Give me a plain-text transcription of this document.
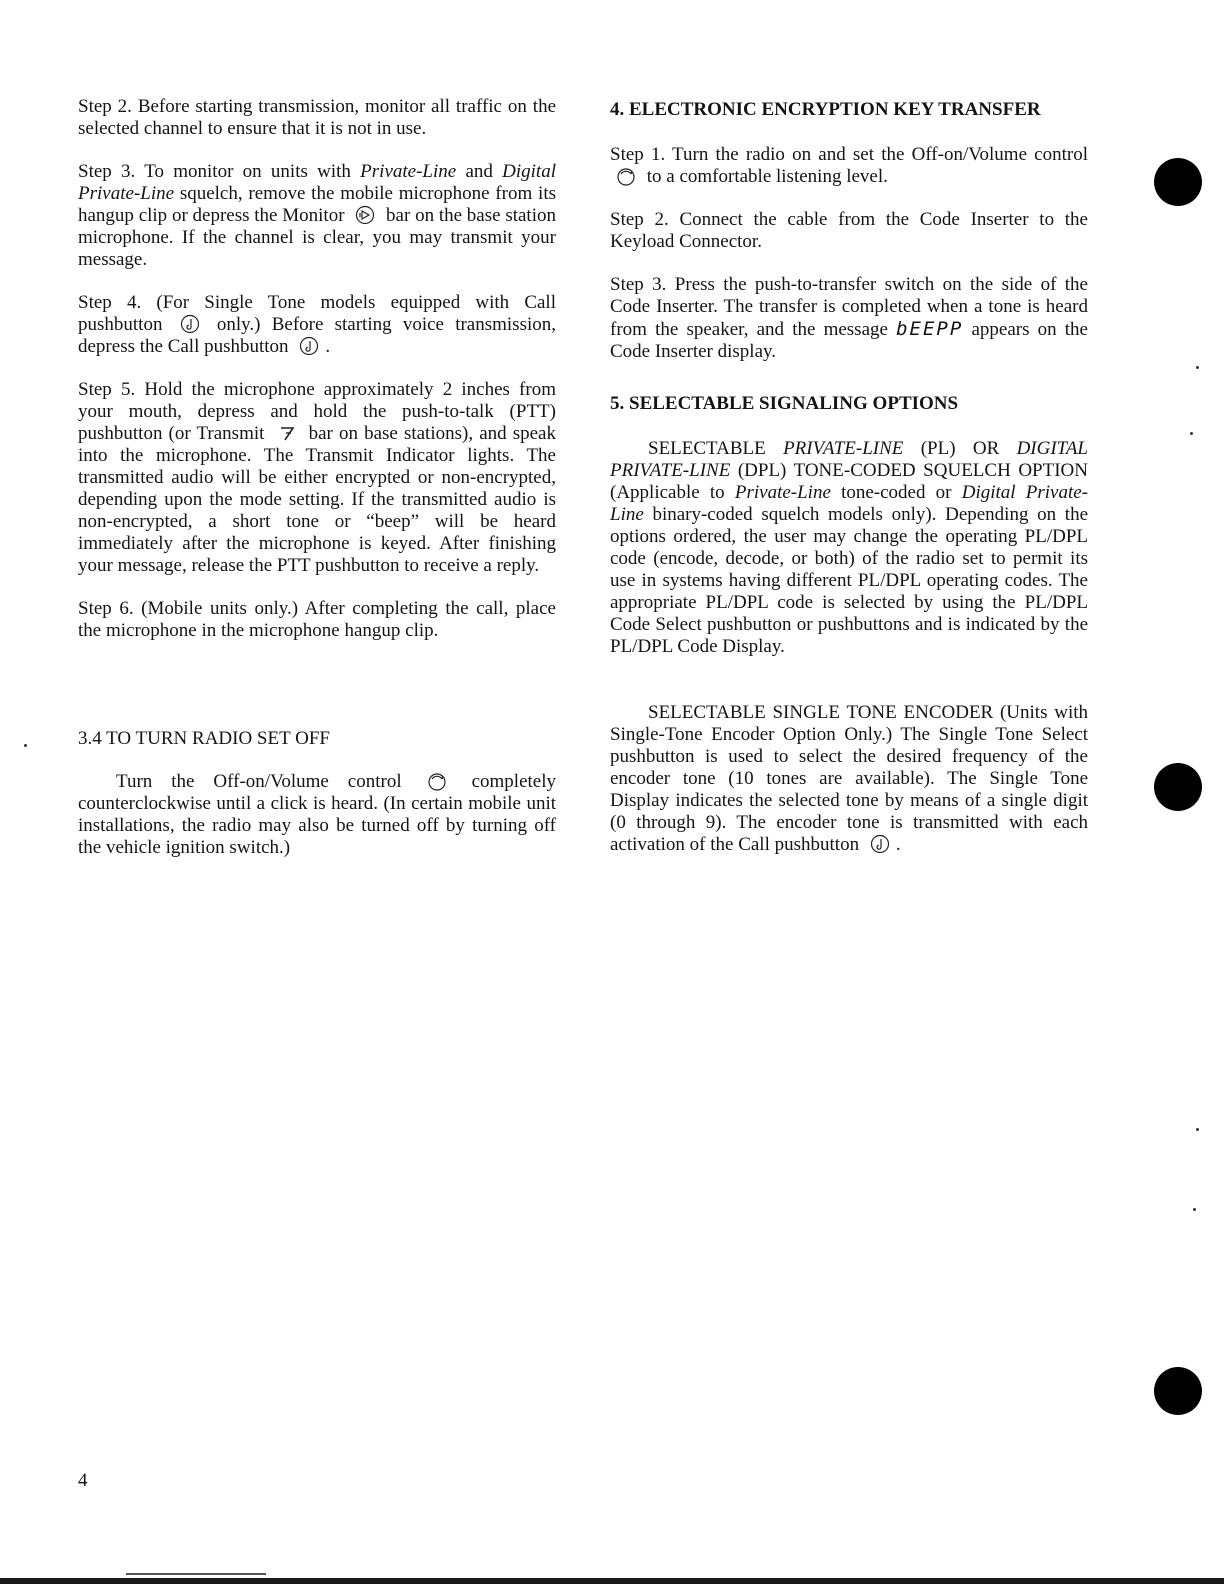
Step 2. Before starting transmission, monitor all traffic on the selected channel to ensure that it is not in use.

Step 3. To monitor on units with Private-Line and Digital Private-Line squelch, remove the mobile microphone from its hangup clip or depress the Monitor
bar on the base station microphone. If the channel is clear, you may transmit your message.

Step 4. (For Single Tone models equipped with Call pushbutton
only.) Before starting voice transmission, depress the Call pushbutton .

Step 5. Hold the microphone approximately 2 inches from your mouth, depress and hold the push-to-talk (PTT) pushbutton (or Transmit
bar on base stations), and speak into the microphone. The Transmit Indicator lights. The transmitted audio will be either encrypted or non-encrypted, depending upon the mode setting. If the transmitted audio is non-encrypted, a short tone or “beep” will be heard immediately after the microphone is keyed. After finishing your message, release the PTT pushbutton to receive a reply.

Step 6. (Mobile units only.) After completing the call, place the microphone in the microphone hangup clip.

3.4 TO TURN RADIO SET OFF

Turn the Off-on/Volume control	completely counterclockwise until a click is heard. (In certain mobile unit installations, the radio may also be turned off by turning off the vehicle ignition switch.)

4. ELECTRONIC ENCRYPTION KEY TRANSFER

Step 1. Turn the radio on and set the Off-on/Volume control
to a comfortable listening level.

Step 2. Connect the cable from the Code Inserter to the Keyload Connector.

Step 3. Press the push-to-transfer switch on the side of the Code Inserter. The transfer is completed when a tone is heard from the speaker, and the message bEEPP appears on the Code Inserter display.

5. SELECTABLE SIGNALING OPTIONS

SELECTABLE PRIVATE-LINE (PL) OR DIGITAL PRIVATE-LINE (DPL) TONE-CODED SQUELCH OPTION (Applicable to Private-Line tone-coded or Digital Private-Line binary-coded squelch models only). Depending on the options ordered, the user may change the operating PL/DPL code (encode, decode, or both) of the radio set to permit its use in systems having different PL/DPL operating codes. The appropriate PL/DPL code is selected by using the PL/DPL Code Select pushbutton or pushbuttons and is indicated by the PL/DPL Code Display.

SELECTABLE SINGLE TONE ENCODER (Units with Single-Tone Encoder Option Only.) The Single Tone Select pushbutton is used to select the desired frequency of the encoder tone (10 tones are available). The Single Tone Display indicates the selected tone by means of a single digit (0 through 9). The encoder tone is transmitted with each activation of the Call pushbutton .

4
